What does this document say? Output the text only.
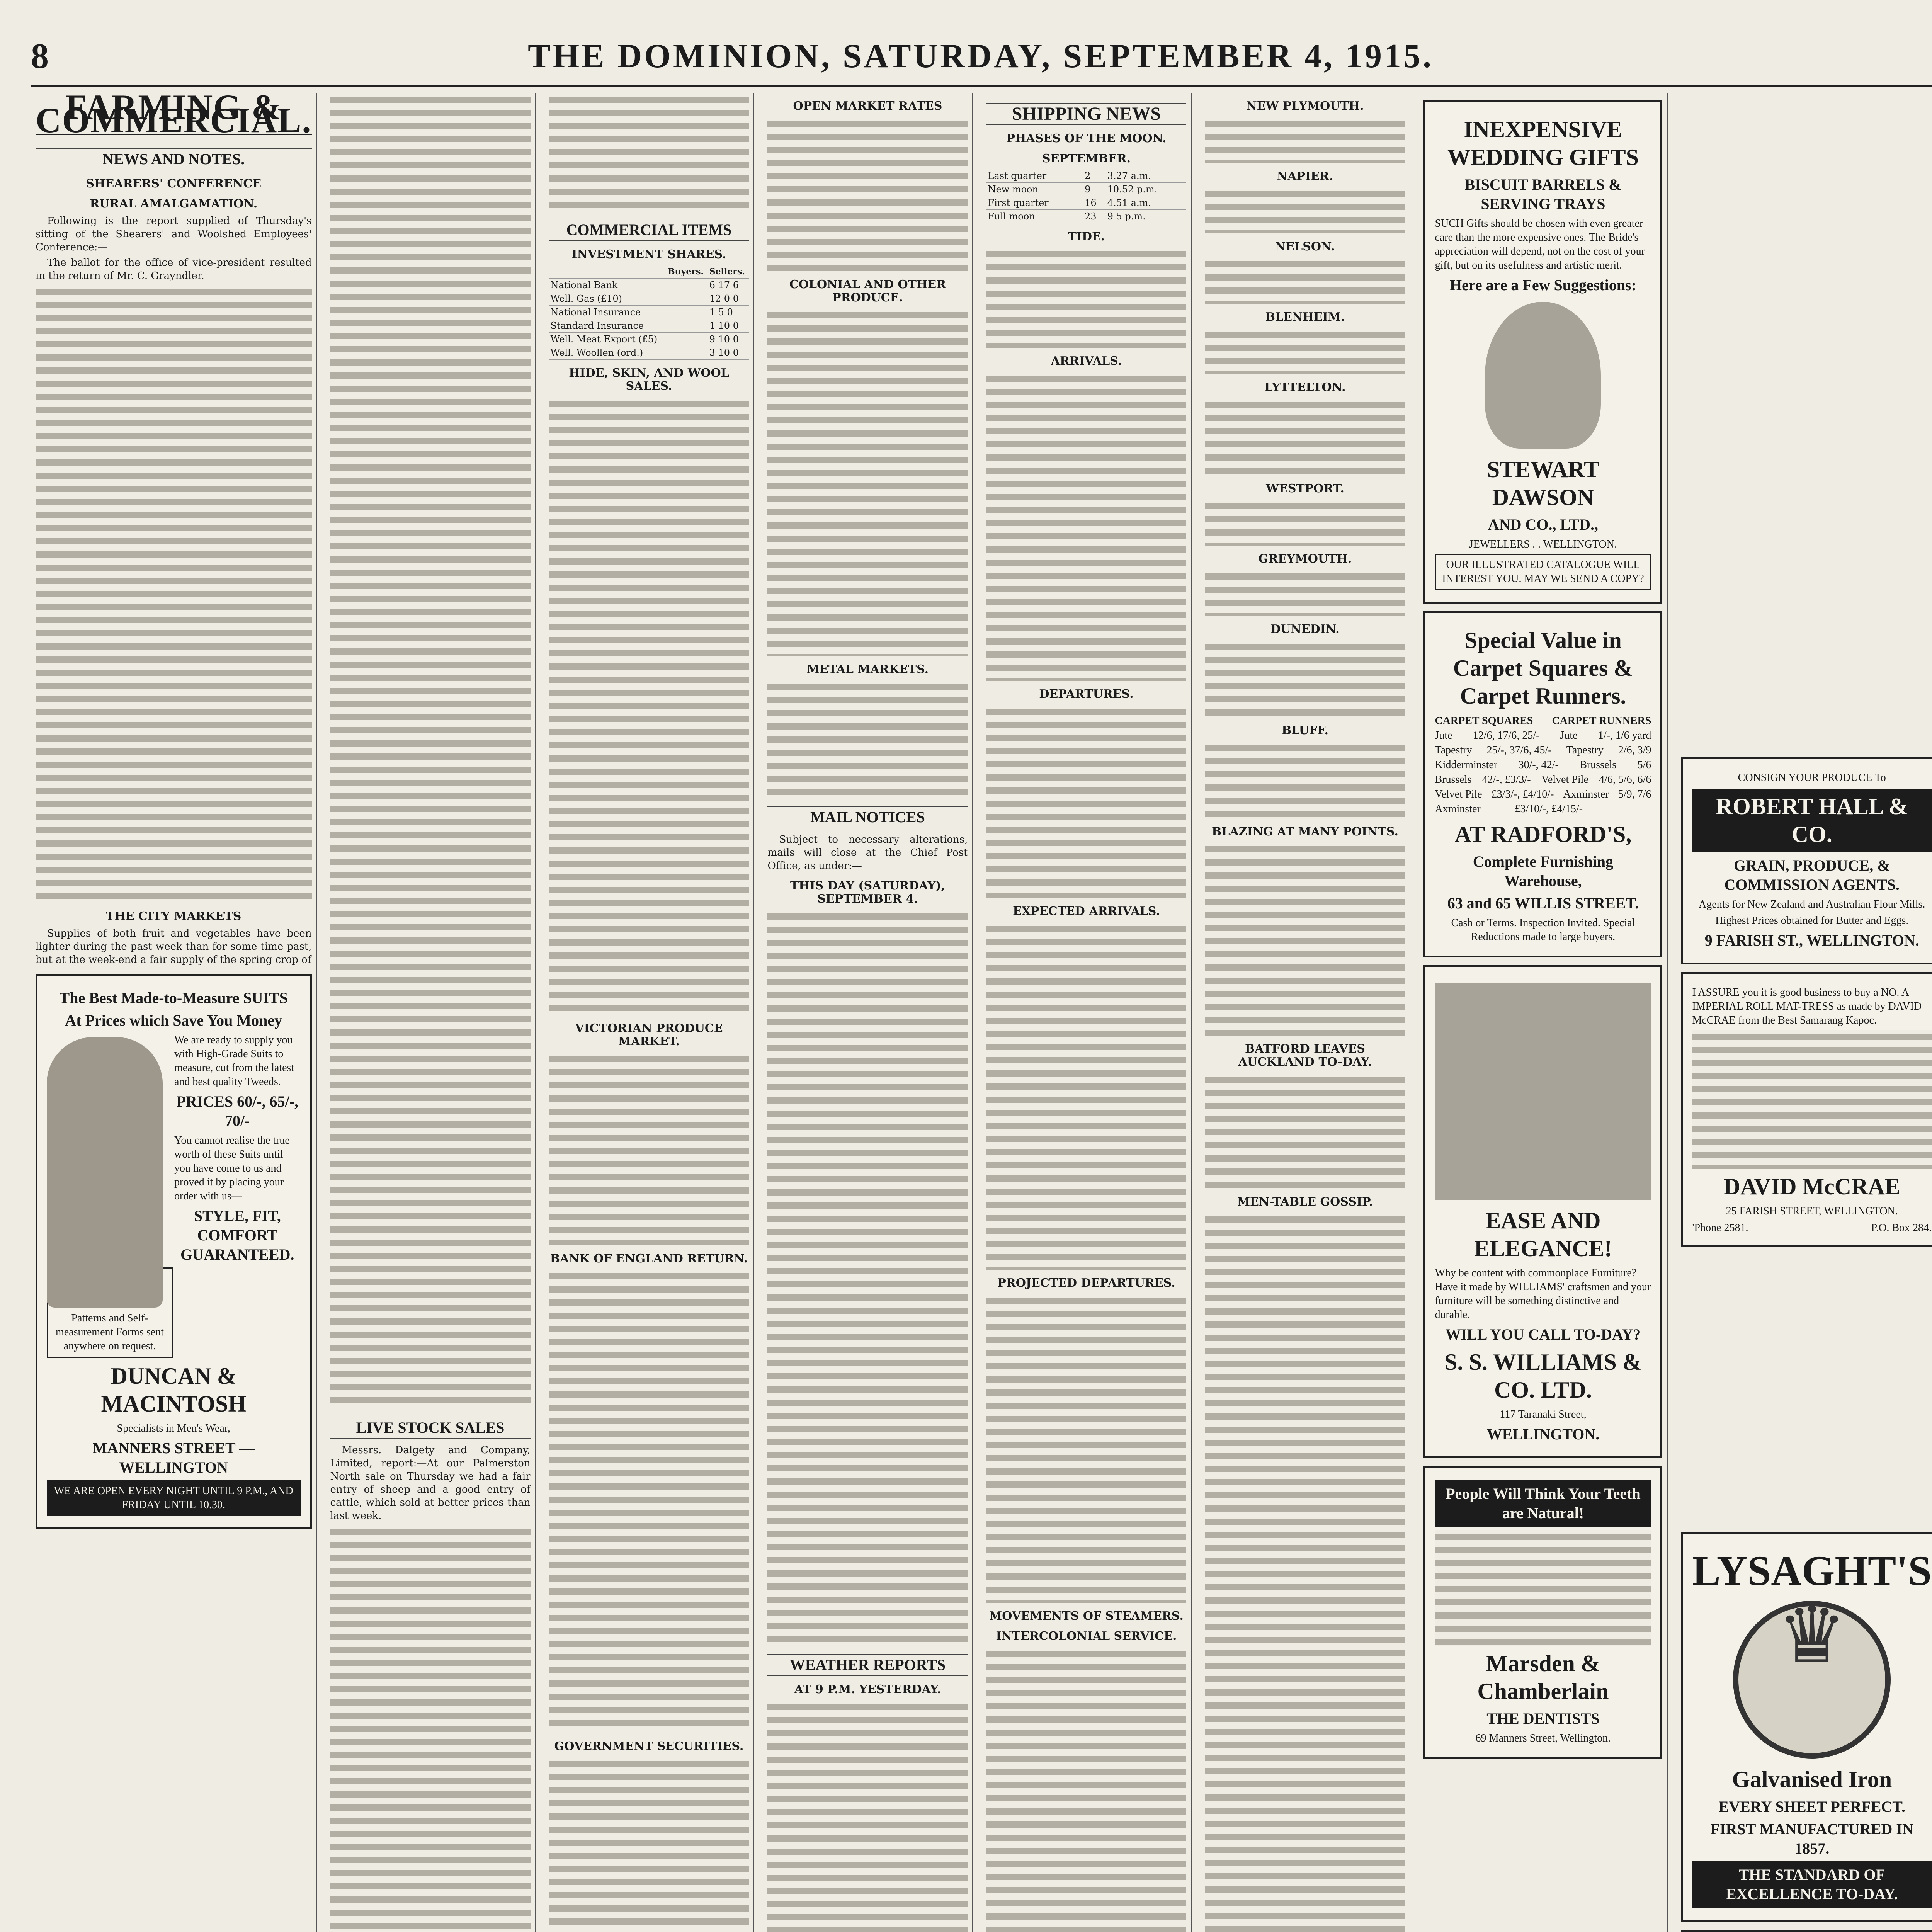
8	THE DOMINION, SATURDAY, SEPTEMBER 4, 1915.
FARMING & COMMERCIAL.
NEWS AND NOTES.
SHEARERS' CONFERENCE
RURAL AMALGAMATION.

Following is the report supplied of Thursday's sitting of the Shearers' and Woolshed Employees' Conference:—

The ballot for the office of vice-president resulted in the return of Mr. C. Grayndler.

THE CITY MARKETS

Supplies of both fruit and vegetables have been lighter during the past week than for some time past, but at the week-end a fair supply of the spring crop of

The Best Made-to-Measure SUITS
At Prices which Save You Money
We are ready to supply you with High-Grade Suits to measure, cut from the latest and best quality Tweeds.
PRICES 60/-, 65/-, 70/-
You cannot realise the true worth of these Suits until you have come to us and proved it by placing your order with us—
STYLE, FIT, COMFORT GUARANTEED.
Patterns and Self-measurement Forms sent anywhere on request.
DUNCAN & MACINTOSH
Specialists in Men's Wear,
MANNERS STREET — WELLINGTON
WE ARE OPEN EVERY NIGHT UNTIL 9 P.M., AND FRIDAY UNTIL 10.30.
LIVE STOCK SALES

Messrs. Dalgety and Company, Limited, report:—At our Palmerston North sale on Thursday we had a fair entry of sheep and a good entry of cattle, which sold at better prices than last week.

COMMERCIAL ITEMS
INVESTMENT SHARES.
	Buyers.	Sellers.
National Bank		6 17 6
Well. Gas (£10)		12 0 0
National Insurance		1 5 0
Standard Insurance		1 10 0
Well. Meat Export (£5)		9 10 0
Well. Woollen (ord.)		3 10 0
HIDE, SKIN, AND WOOL SALES.
VICTORIAN PRODUCE MARKET.
BANK OF ENGLAND RETURN.
GOVERNMENT SECURITIES.
OPEN MARKET RATES
COLONIAL AND OTHER PRODUCE.
METAL MARKETS.
MAIL NOTICES

Subject to necessary alterations, mails will close at the Chief Post Office, as under:—

THIS DAY (SATURDAY), SEPTEMBER 4.
WEATHER REPORTS
AT 9 P.M. YESTERDAY.
SHIPPING NEWS
PHASES OF THE MOON.
SEPTEMBER.
Last quarter	2	3.27 a.m.
New moon	9	10.52 p.m.
First quarter	16	4.51 a.m.
Full moon	23	9 5 p.m.
TIDE.
ARRIVALS.
DEPARTURES.
EXPECTED ARRIVALS.
PROJECTED DEPARTURES.
MOVEMENTS OF STEAMERS.
INTERCOLONIAL SERVICE.
NEW PLYMOUTH.
NAPIER.
NELSON.
BLENHEIM.
LYTTELTON.
WESTPORT.
GREYMOUTH.
DUNEDIN.
BLUFF.
BLAZING AT MANY POINTS.
BATFORD LEAVES AUCKLAND TO-DAY.
MEN-TABLE GOSSIP.
INEXPENSIVE WEDDING GIFTS
BISCUIT BARRELS & SERVING TRAYS
SUCH Gifts should be chosen with even greater care than the more expensive ones. The Bride's appreciation will depend, not on the cost of your gift, but on its usefulness and artistic merit.
Here are a Few Suggestions:
STEWART DAWSON
AND CO., LTD.,
JEWELLERS . . WELLINGTON.
OUR ILLUSTRATED CATALOGUE WILL INTEREST YOU. MAY WE SEND A COPY?
Special Value in Carpet Squares & Carpet Runners.
CARPET SQUARES CARPET RUNNERS
Jute 12/6, 17/6, 25/- Jute 1/-, 1/6 yard
Tapestry 25/-, 37/6, 45/- Tapestry 2/6, 3/9
Kidderminster 30/-, 42/- Brussels 5/6
Brussels 42/-, £3/3/- Velvet Pile 4/6, 5/6, 6/6
Velvet Pile £3/3/-, £4/10/- Axminster 5/9, 7/6
Axminster	£3/10/-, £4/15/-
AT RADFORD'S,
Complete Furnishing Warehouse,
63 and 65 WILLIS STREET.
Cash or Terms. Inspection Invited. Special Reductions made to large buyers.
EASE AND ELEGANCE!
Why be content with commonplace Furniture? Have it made by WILLIAMS' craftsmen and your furniture will be something distinctive and durable.
WILL YOU CALL TO-DAY?
S. S. WILLIAMS & CO. LTD.
117 Taranaki Street,
WELLINGTON.
People Will Think Your Teeth are Natural!
Marsden & Chamberlain
THE DENTISTS
69 Manners Street, Wellington.
CONSIGN YOUR PRODUCE To
ROBERT HALL & CO.
GRAIN, PRODUCE, & COMMISSION AGENTS.
Agents for New Zealand and Australian Flour Mills.
Highest Prices obtained for Butter and Eggs.
9 FARISH ST., WELLINGTON.
I ASSURE you it is good business to buy a NO. A IMPERIAL ROLL MAT-TRESS as made by DAVID McCRAE from the Best Samarang Kapoc.
DAVID McCRAE
25 FARISH STREET, WELLINGTON.
'Phone 2581.	P.O. Box 284.
LYSAGHT'S
♛
Galvanised Iron
EVERY SHEET PERFECT.
FIRST MANUFACTURED IN 1857.
THE STANDARD OF EXCELLENCE TO-DAY.
